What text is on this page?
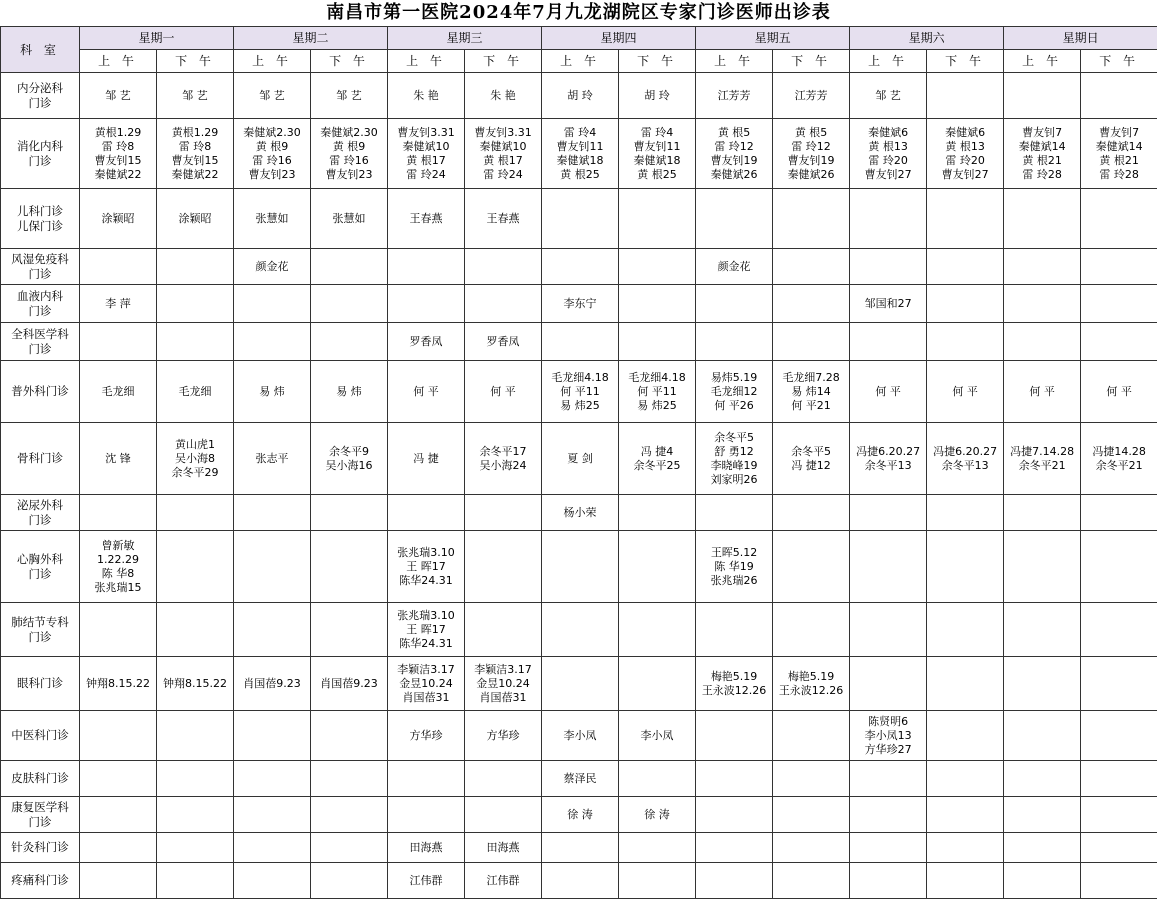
南昌市第一医院2024年7月九龙湖院区专家门诊医师出诊表
科 室	星期一		星期二		星期三		星期四		星期五		星期六		星期日	
	上 午	下 午	上 午	下 午	上 午	下 午	上 午	下 午	上 午	下 午	上 午	下 午	上 午	下 午

内分泌科
门诊	邹 艺	邹 艺	邹 艺	邹 艺	朱 艳	朱 艳	胡 玲	胡 玲	江芳芳	江芳芳	邹 艺			

消化内科
门诊	黄根1.29
雷 玲8
曹友钊15
秦健斌22	黄根1.29
雷 玲8
曹友钊15
秦健斌22	秦健斌2.30
黄 根9
雷 玲16
曹友钊23	秦健斌2.30
黄 根9
雷 玲16
曹友钊23	曹友钊3.31
秦健斌10
黄 根17
雷 玲24	曹友钊3.31
秦健斌10
黄 根17
雷 玲24	雷 玲4
曹友钊11
秦健斌18
黄 根25	雷 玲4
曹友钊11
秦健斌18
黄 根25	黄 根5
雷 玲12
曹友钊19
秦健斌26	黄 根5
雷 玲12
曹友钊19
秦健斌26	秦健斌6
黄 根13
雷 玲20
曹友钊27	秦健斌6
黄 根13
雷 玲20
曹友钊27	曹友钊7
秦健斌14
黄 根21
雷 玲28	曹友钊7
秦健斌14
黄 根21
雷 玲28

儿科门诊
儿保门诊	涂颖昭	涂颖昭	张慧如	张慧如	王春燕	王春燕								

风湿免疫科
门诊			颜金花						颜金花					

血液内科
门诊	李 萍						李东宁				邹国和27			

全科医学科
门诊					罗香凤	罗香凤								

普外科门诊	毛龙细	毛龙细	易 炜	易 炜	何 平	何 平	毛龙细4.18
何 平11
易 炜25	毛龙细4.18
何 平11
易 炜25	易炜5.19
毛龙细12
何 平26	毛龙细7.28
易 炜14
何 平21	何 平	何 平	何 平	何 平

骨科门诊	沈 锋	黄山虎1
吴小海8
余冬平29	张志平	余冬平9
吴小海16	冯 捷	余冬平17
吴小海24	夏 剑	冯 捷4
余冬平25	余冬平5
舒 勇12
李晓峰19
刘家明26	余冬平5
冯 捷12	冯捷6.20.27
余冬平13	冯捷6.20.27
余冬平13	冯捷7.14.28
余冬平21	冯捷14.28
余冬平21

泌尿外科
门诊							杨小荣							

心胸外科
门诊	曾新敏
1.22.29
陈 华8
张兆瑞15				张兆瑞3.10
王 晖17
陈华24.31				王晖5.12
陈 华19
张兆瑞26					

肺结节专科
门诊					张兆瑞3.10
王 晖17
陈华24.31									

眼科门诊	钟翔8.15.22	钟翔8.15.22	肖国蓓9.23	肖国蓓9.23	李颖洁3.17
金昱10.24
肖国蓓31	李颖洁3.17
金昱10.24
肖国蓓31			梅艳5.19
王永波12.26	梅艳5.19
王永波12.26				

中医科门诊					方华珍	方华珍	李小凤	李小凤			陈贤明6
李小凤13
方华珍27			

皮肤科门诊							蔡泽民							

康复医学科
门诊							徐 涛	徐 涛						

针灸科门诊					田海燕	田海燕								

疼痛科门诊					江伟群	江伟群								
